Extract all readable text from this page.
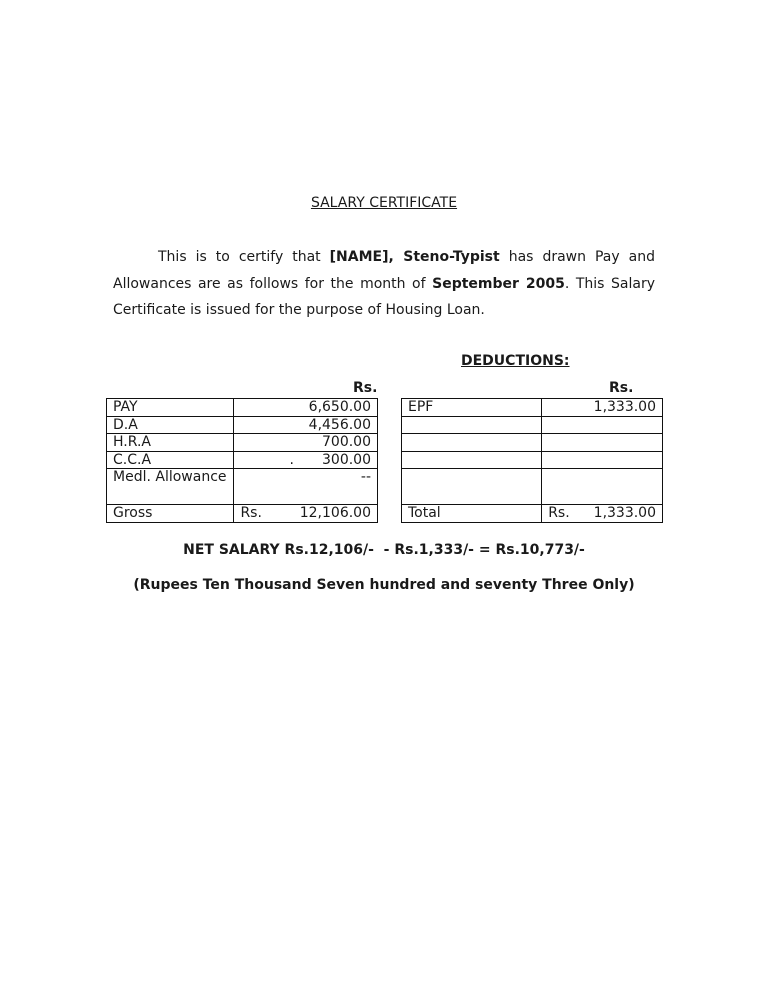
SALARY CERTIFICATE

This is to certify that [NAME], Steno-Typist has drawn Pay and Allowances are as follows for the month of September 2005. This Salary Certificate is issued for the purpose of Housing Loan.

DEDUCTIONS:
Rs.	Rs.
PAY	6,650.00
D.A	4,456.00
H.R.A	700.00
C.C.A	. 300.00
Medl. Allowance	--
Gross	Rs. 12,106.00
EPF	1,333.00

Total	Rs. 1,333.00
NET SALARY Rs.12,106/-  - Rs.1,333/- = Rs.10,773/-
(Rupees Ten Thousand Seven hundred and seventy Three Only)
